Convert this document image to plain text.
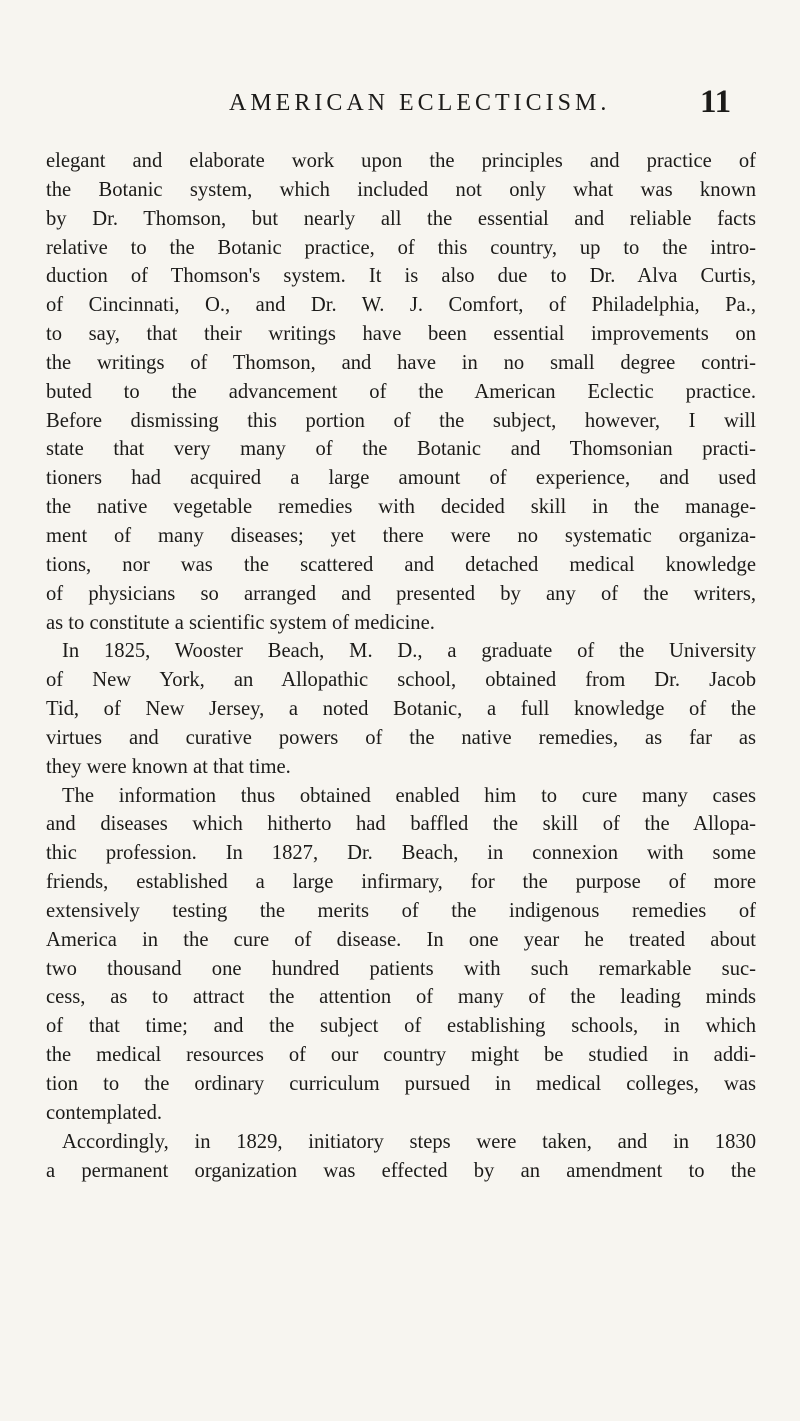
AMERICAN ECLECTICISM.	11
elegant and elaborate work upon the principles and practice of
the Botanic system, which included not only what was known
by Dr. Thomson, but nearly all the essential and reliable facts
relative to the Botanic practice, of this country, up to the intro-
duction of Thomson's system. It is also due to Dr. Alva Curtis,
of Cincinnati, O., and Dr. W. J. Comfort, of Philadelphia, Pa.,
to say, that their writings have been essential improvements on
the writings of Thomson, and have in no small degree contri-
buted to the advancement of the American Eclectic practice.
Before dismissing this portion of the subject, however, I will
state that very many of the Botanic and Thomsonian practi-
tioners had acquired a large amount of experience, and used
the native vegetable remedies with decided skill in the manage-
ment of many diseases; yet there were no systematic organiza-
tions, nor was the scattered and detached medical knowledge
of physicians so arranged and presented by any of the writers,
as to constitute a scientific system of medicine.
In 1825, Wooster Beach, M. D., a graduate of the University
of New York, an Allopathic school, obtained from Dr. Jacob
Tid, of New Jersey, a noted Botanic, a full knowledge of the
virtues and curative powers of the native remedies, as far as
they were known at that time.
The information thus obtained enabled him to cure many cases
and diseases which hitherto had baffled the skill of the Allopa-
thic profession. In 1827, Dr. Beach, in connexion with some
friends, established a large infirmary, for the purpose of more
extensively testing the merits of the indigenous remedies of
America in the cure of disease. In one year he treated about
two thousand one hundred patients with such remarkable suc-
cess, as to attract the attention of many of the leading minds
of that time; and the subject of establishing schools, in which
the medical resources of our country might be studied in addi-
tion to the ordinary curriculum pursued in medical colleges, was
contemplated.
Accordingly, in 1829, initiatory steps were taken, and in 1830
a permanent organization was effected by an amendment to the
